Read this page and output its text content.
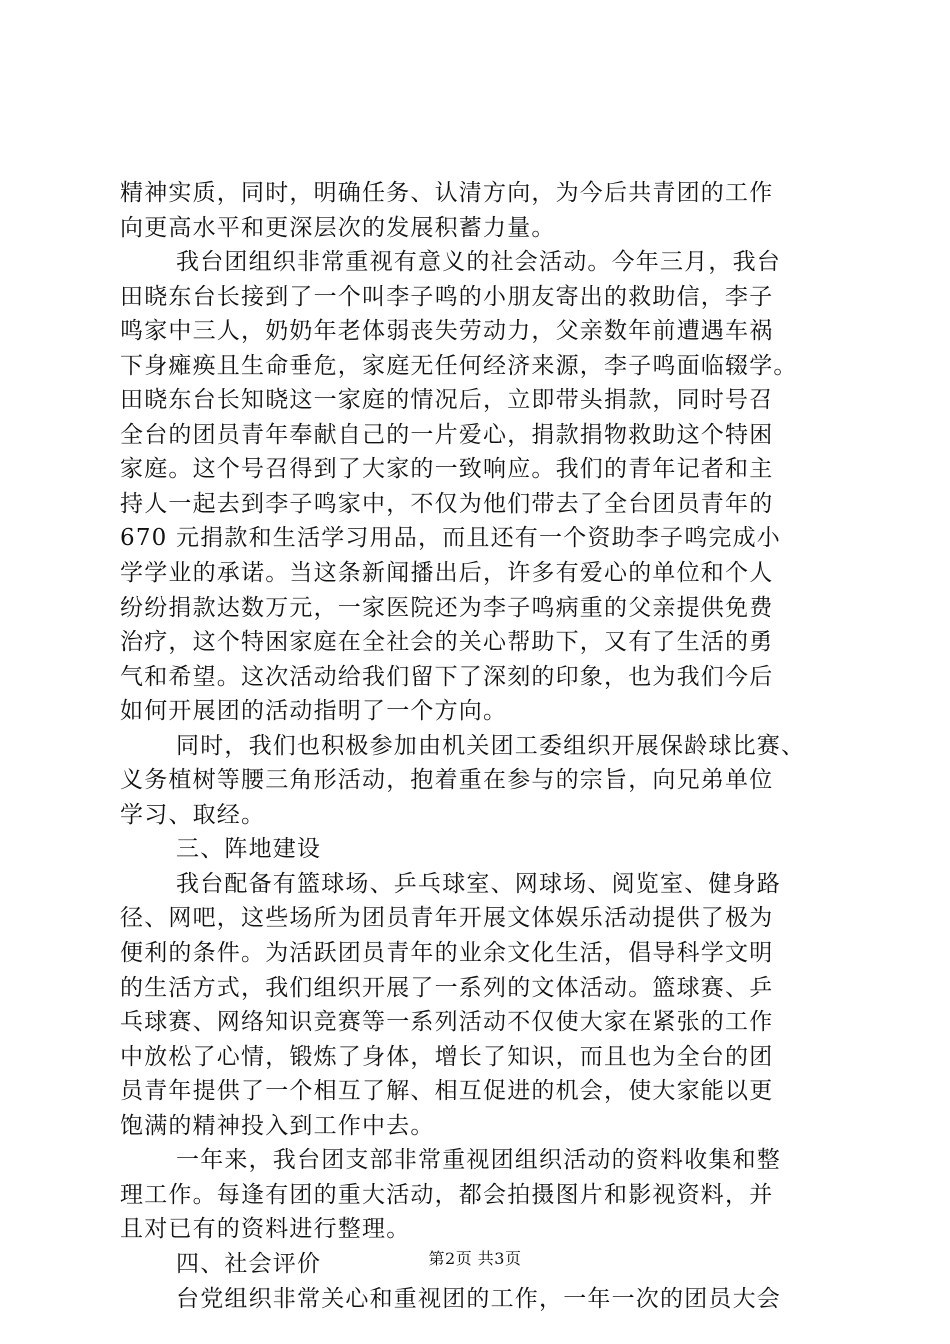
精神实质，同时，明确任务、认清方向，为今后共青团的工作
向更高水平和更深层次的发展积蓄力量。
我台团组织非常重视有意义的社会活动。今年三月，我台
田晓东台长接到了一个叫李子鸣的小朋友寄出的救助信，李子
鸣家中三人，奶奶年老体弱丧失劳动力，父亲数年前遭遇车祸
下身瘫痪且生命垂危，家庭无任何经济来源，李子鸣面临辍学。
田晓东台长知晓这一家庭的情况后，立即带头捐款，同时号召
全台的团员青年奉献自己的一片爱心，捐款捐物救助这个特困
家庭。这个号召得到了大家的一致响应。我们的青年记者和主
持人一起去到李子鸣家中，不仅为他们带去了全台团员青年的
670 元捐款和生活学习用品，而且还有一个资助李子鸣完成小
学学业的承诺。当这条新闻播出后，许多有爱心的单位和个人
纷纷捐款达数万元，一家医院还为李子鸣病重的父亲提供免费
治疗，这个特困家庭在全社会的关心帮助下，又有了生活的勇
气和希望。这次活动给我们留下了深刻的印象，也为我们今后
如何开展团的活动指明了一个方向。
同时，我们也积极参加由机关团工委组织开展保龄球比赛、
义务植树等腰三角形活动，抱着重在参与的宗旨，向兄弟单位
学习、取经。
三、阵地建设
我台配备有篮球场、乒乓球室、网球场、阅览室、健身路
径、网吧，这些场所为团员青年开展文体娱乐活动提供了极为
便利的条件。为活跃团员青年的业余文化生活，倡导科学文明
的生活方式，我们组织开展了一系列的文体活动。篮球赛、乒
乓球赛、网络知识竞赛等一系列活动不仅使大家在紧张的工作
中放松了心情，锻炼了身体，增长了知识，而且也为全台的团
员青年提供了一个相互了解、相互促进的机会，使大家能以更
饱满的精神投入到工作中去。
一年来，我台团支部非常重视团组织活动的资料收集和整
理工作。每逢有团的重大活动，都会拍摄图片和影视资料，并
且对已有的资料进行整理。
四、社会评价
台党组织非常关心和重视团的工作，一年一次的团员大会
第2页 共3页
